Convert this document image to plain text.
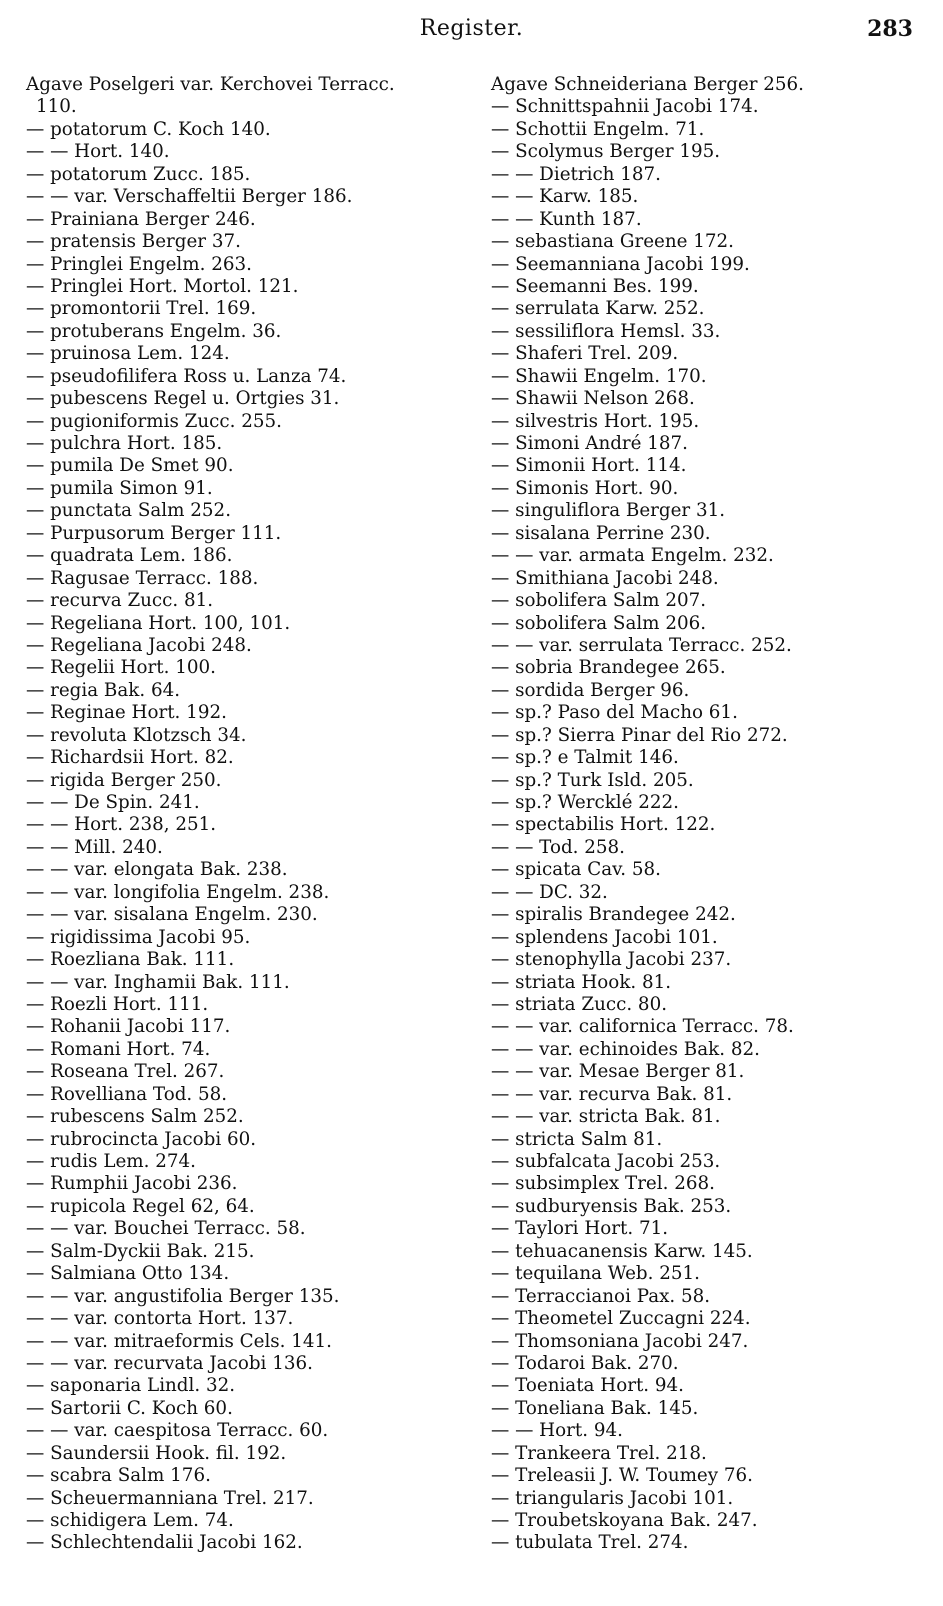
Register.	283
Agave Poselgeri var. Kerchovei Terracc.
110.
— potatorum C. Koch 140.
— — Hort. 140.
— potatorum Zucc. 185.
— — var. Verschaffeltii Berger 186.
— Prainiana Berger 246.
— pratensis Berger 37.
— Pringlei Engelm. 263.
— Pringlei Hort. Mortol. 121.
— promontorii Trel. 169.
— protuberans Engelm. 36.
— pruinosa Lem. 124.
— pseudofilifera Ross u. Lanza 74.
— pubescens Regel u. Ortgies 31.
— pugioniformis Zucc. 255.
— pulchra Hort. 185.
— pumila De Smet 90.
— pumila Simon 91.
— punctata Salm 252.
— Purpusorum Berger 111.
— quadrata Lem. 186.
— Ragusae Terracc. 188.
— recurva Zucc. 81.
— Regeliana Hort. 100, 101.
— Regeliana Jacobi 248.
— Regelii Hort. 100.
— regia Bak. 64.
— Reginae Hort. 192.
— revoluta Klotzsch 34.
— Richardsii Hort. 82.
— rigida Berger 250.
— — De Spin. 241.
— — Hort. 238, 251.
— — Mill. 240.
— — var. elongata Bak. 238.
— — var. longifolia Engelm. 238.
— — var. sisalana Engelm. 230.
— rigidissima Jacobi 95.
— Roezliana Bak. 111.
— — var. Inghamii Bak. 111.
— Roezli Hort. 111.
— Rohanii Jacobi 117.
— Romani Hort. 74.
— Roseana Trel. 267.
— Rovelliana Tod. 58.
— rubescens Salm 252.
— rubrocincta Jacobi 60.
— rudis Lem. 274.
— Rumphii Jacobi 236.
— rupicola Regel 62, 64.
— — var. Bouchei Terracc. 58.
— Salm-Dyckii Bak. 215.
— Salmiana Otto 134.
— — var. angustifolia Berger 135.
— — var. contorta Hort. 137.
— — var. mitraeformis Cels. 141.
— — var. recurvata Jacobi 136.
— saponaria Lindl. 32.
— Sartorii C. Koch 60.
— — var. caespitosa Terracc. 60.
— Saundersii Hook. fil. 192.
— scabra Salm 176.
— Scheuermanniana Trel. 217.
— schidigera Lem. 74.
— Schlechtendalii Jacobi 162.
Agave Schneideriana Berger 256.
— Schnittspahnii Jacobi 174.
— Schottii Engelm. 71.
— Scolymus Berger 195.
— — Dietrich 187.
— — Karw. 185.
— — Kunth 187.
— sebastiana Greene 172.
— Seemanniana Jacobi 199.
— Seemanni Bes. 199.
— serrulata Karw. 252.
— sessiliflora Hemsl. 33.
— Shaferi Trel. 209.
— Shawii Engelm. 170.
— Shawii Nelson 268.
— silvestris Hort. 195.
— Simoni André 187.
— Simonii Hort. 114.
— Simonis Hort. 90.
— singuliflora Berger 31.
— sisalana Perrine 230.
— — var. armata Engelm. 232.
— Smithiana Jacobi 248.
— sobolifera Salm 207.
— sobolifera Salm 206.
— — var. serrulata Terracc. 252.
— sobria Brandegee 265.
— sordida Berger 96.
— sp.? Paso del Macho 61.
— sp.? Sierra Pinar del Rio 272.
— sp.? e Talmit 146.
— sp.? Turk Isld. 205.
— sp.? Wercklé 222.
— spectabilis Hort. 122.
— — Tod. 258.
— spicata Cav. 58.
— — DC. 32.
— spiralis Brandegee 242.
— splendens Jacobi 101.
— stenophylla Jacobi 237.
— striata Hook. 81.
— striata Zucc. 80.
— — var. californica Terracc. 78.
— — var. echinoides Bak. 82.
— — var. Mesae Berger 81.
— — var. recurva Bak. 81.
— — var. stricta Bak. 81.
— stricta Salm 81.
— subfalcata Jacobi 253.
— subsimplex Trel. 268.
— sudburyensis Bak. 253.
— Taylori Hort. 71.
— tehuacanensis Karw. 145.
— tequilana Web. 251.
— Terraccianoi Pax. 58.
— Theometel Zuccagni 224.
— Thomsoniana Jacobi 247.
— Todaroi Bak. 270.
— Toeniata Hort. 94.
— Toneliana Bak. 145.
— — Hort. 94.
— Trankeera Trel. 218.
— Treleasii J. W. Toumey 76.
— triangularis Jacobi 101.
— Troubetskoyana Bak. 247.
— tubulata Trel. 274.
